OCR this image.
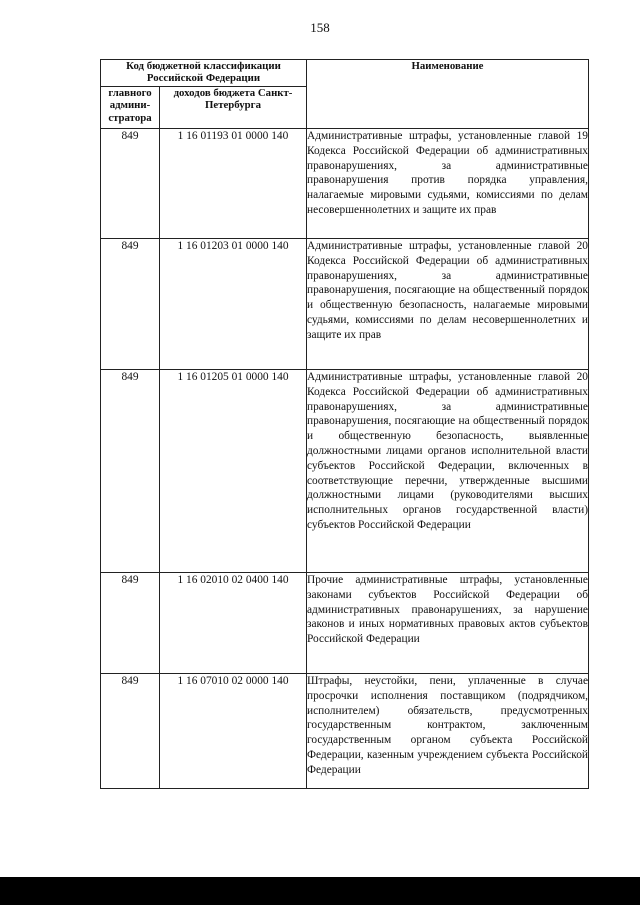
158
Код бюджетной классификации Российской Федерации		Наименование
главного админи-стратора	доходов бюджета Санкт-Петербурга	
849	1 16 01193 01 0000 140	Административные штрафы, установленные главой 19 Кодекса Российской Федерации об административных правонарушениях, за административные правонарушения против порядка управления, налагаемые мировыми судьями, комиссиями по делам несовершеннолетних и защите их прав
849	1 16 01203 01 0000 140	Административные штрафы, установленные главой 20 Кодекса Российской Федерации об административных правонарушениях, за административные правонарушения, посягающие на общественный порядок и общественную безопасность, налагаемые мировыми судьями, комиссиями по делам несовершеннолетних и защите их прав
849	1 16 01205 01 0000 140	Административные штрафы, установленные главой 20 Кодекса Российской Федерации об административных правонарушениях, за административные правонарушения, посягающие на общественный порядок и общественную безопасность, выявленные должностными лицами органов исполнительной власти субъектов Российской Федерации, включенных в соответствующие перечни, утвержденные высшими должностными лицами (руководителями высших исполнительных органов государственной власти) субъектов Российской Федерации
849	1 16 02010 02 0400 140	Прочие административные штрафы, установленные законами субъектов Российской Федерации об административных правонарушениях, за нарушение законов и иных нормативных правовых актов субъектов Российской Федерации
849	1 16 07010 02 0000 140	Штрафы, неустойки, пени, уплаченные в случае просрочки исполнения поставщиком (подрядчиком, исполнителем) обязательств, предусмотренных государственным контрактом, заключенным государственным органом субъекта Российской Федерации, казенным учреждением субъекта Российской Федерации
